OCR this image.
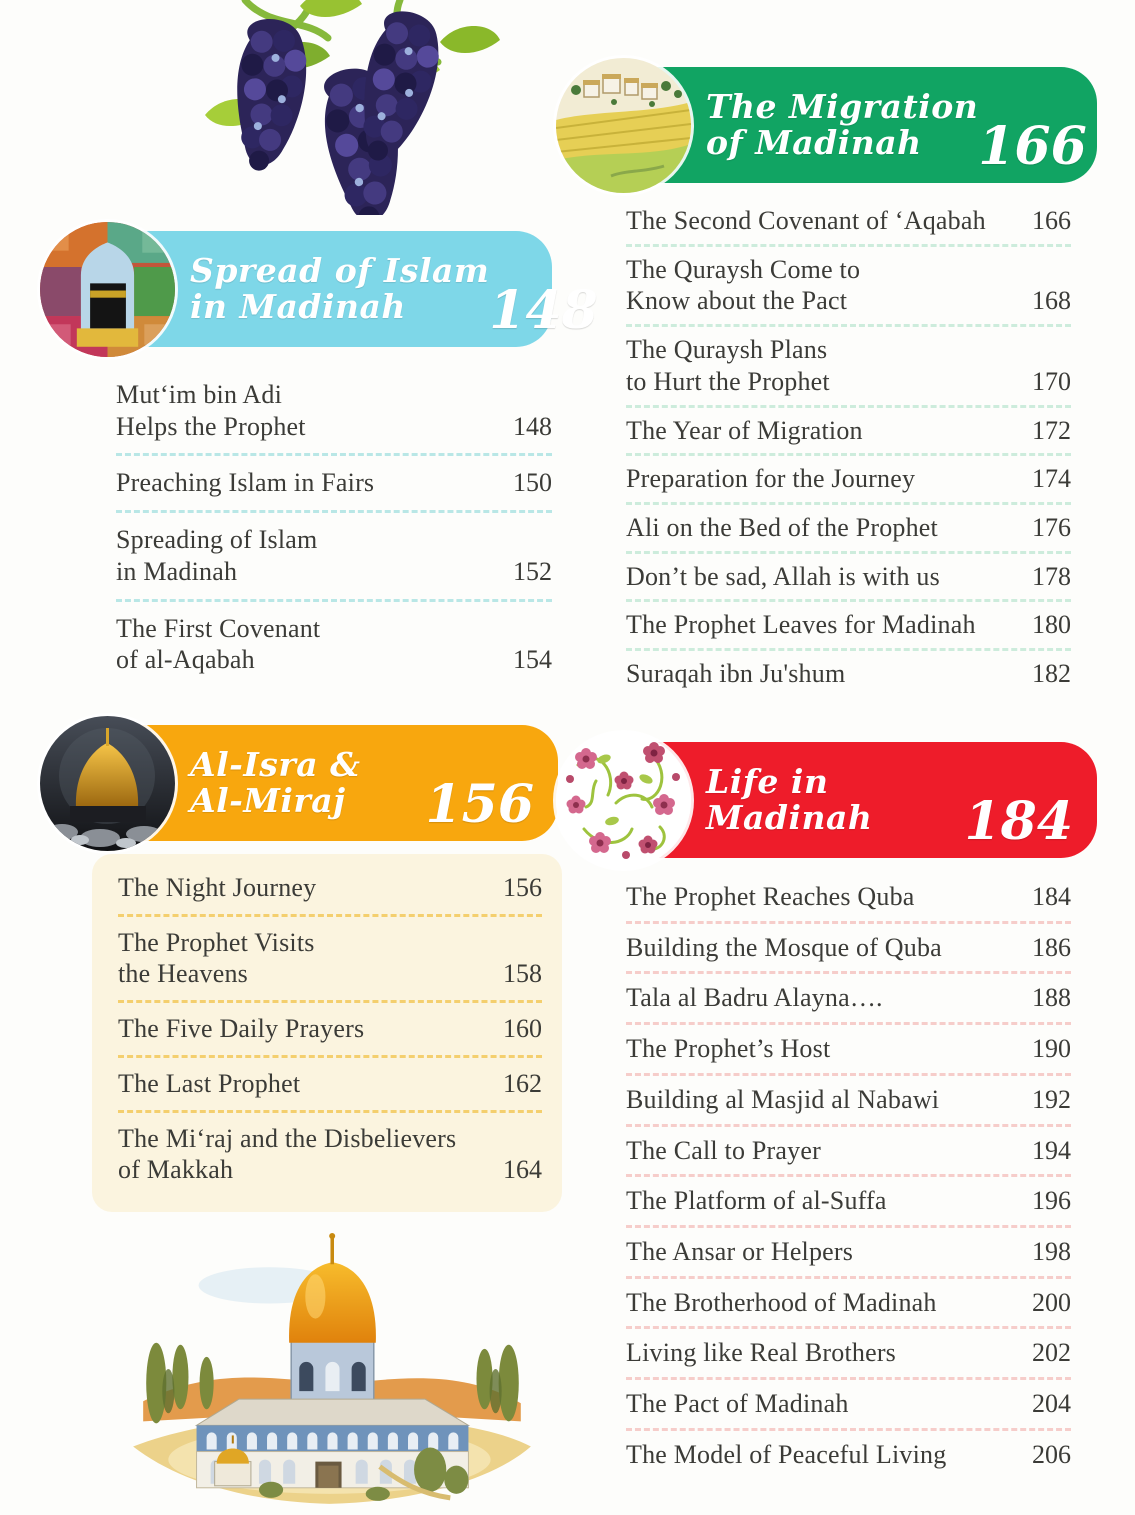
Spread of Islam
in Madinah	148
Mut‘im bin Adi
Helps the Prophet	148
Preaching Islam in Fairs	150
Spreading of Islam
in Madinah	152
The First Covenant
of al-Aqabah	154
The Migration
of Madinah	166
The Second Covenant of ‘Aqabah	166
The Quraysh Come to
Know about the Pact	168
The Quraysh Plans
to Hurt the Prophet	170
The Year of Migration	172
Preparation for the Journey	174
Ali on the Bed of the Prophet	176
Don’t be sad, Allah is with us	178
The Prophet Leaves for Madinah	180
Suraqah ibn Ju'shum	182
Al-Isra &
Al-Miraj	156
The Night Journey	156
The Prophet Visits
the Heavens	158
The Five Daily Prayers	160
The Last Prophet	162
The Mi‘raj and the Disbelievers
of Makkah	164
Life in
Madinah	184
The Prophet Reaches Quba	184
Building the Mosque of Quba	186
Tala al Badru Alayna….	188
The Prophet’s Host	190
Building al Masjid al Nabawi	192
The Call to Prayer	194
The Platform of al-Suffa	196
The Ansar or Helpers	198
The Brotherhood of Madinah	200
Living like Real Brothers	202
The Pact of Madinah	204
The Model of Peaceful Living	206
